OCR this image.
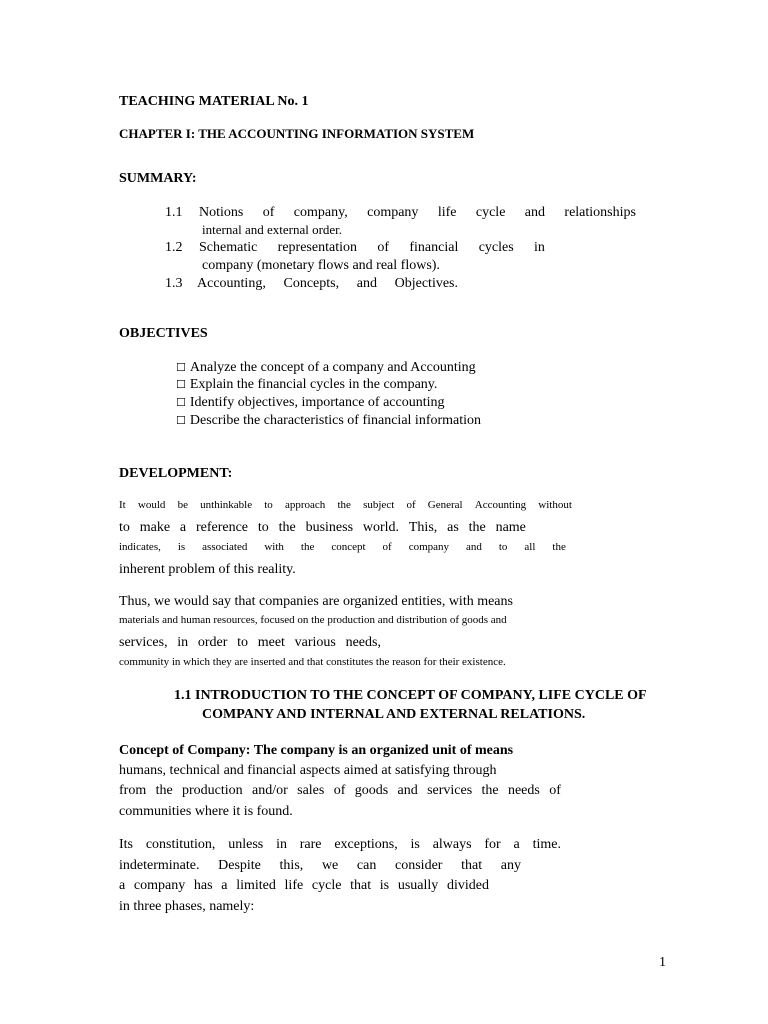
TEACHING MATERIAL No. 1
CHAPTER I: THE ACCOUNTING INFORMATION SYSTEM
SUMMARY:
1.1 Notions of company, company life cycle and relationships
internal and external order.
1.2 Schematic representation of financial cycles in
company (monetary flows and real flows).
1.3 Accounting, Concepts, and Objectives.
OBJECTIVES
☐ Analyze the concept of a company and Accounting
☐ Explain the financial cycles in the company.
☐ Identify objectives, importance of accounting
☐ Describe the characteristics of financial information
DEVELOPMENT:
It would be unthinkable to approach the subject of General Accounting without
to make a reference to the business world. This, as the name
indicates, is associated with the concept of company and to all the
inherent problem of this reality.
Thus, we would say that companies are organized entities, with means
materials and human resources, focused on the production and distribution of goods and
services, in order to meet various needs,
community in which they are inserted and that constitutes the reason for their existence.
1.1 INTRODUCTION TO THE CONCEPT OF COMPANY, LIFE CYCLE OF
COMPANY AND INTERNAL AND EXTERNAL RELATIONS.
Concept of Company: The company is an organized unit of means
humans, technical and financial aspects aimed at satisfying through
from the production and/or sales of goods and services the needs of
communities where it is found.
Its constitution, unless in rare exceptions, is always for a time.
indeterminate. Despite this, we can consider that any
a company has a limited life cycle that is usually divided
in three phases, namely:
1
